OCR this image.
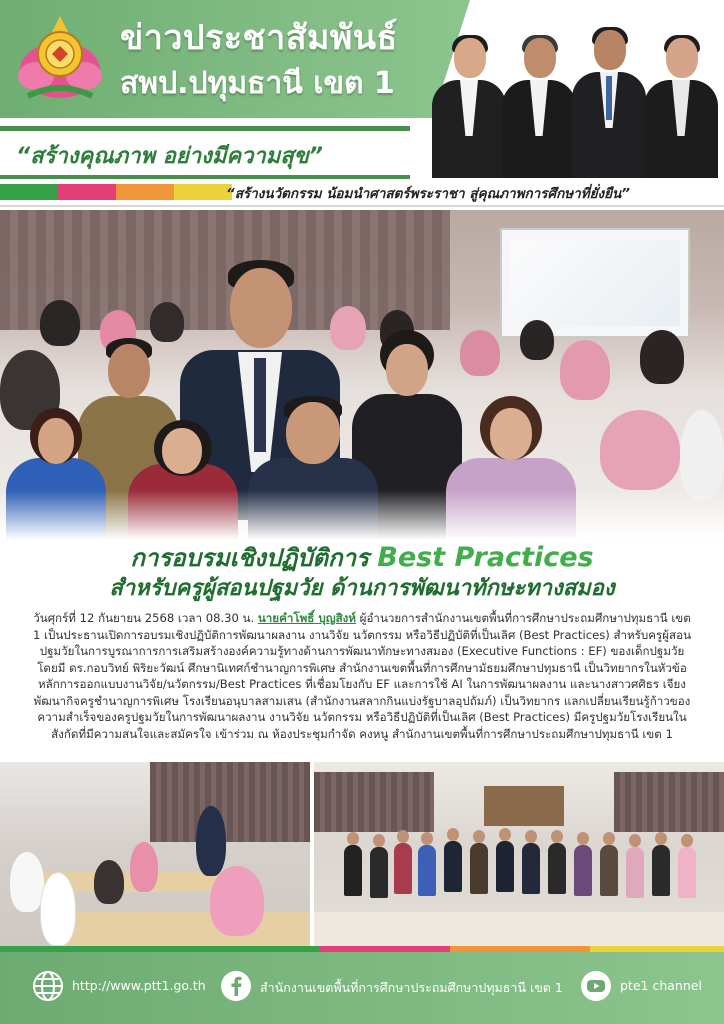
ข่าวประชาสัมพันธ์
สพป.ปทุมธานี เขต 1
“สร้างคุณภาพ อย่างมีความสุข”
“สร้างนวัตกรรม น้อมนำศาสตร์พระราชา สู่คุณภาพการศึกษาที่ยั่งยืน”
การอบรมเชิงปฏิบัติการ Best Practices
สำหรับครูผู้สอนปฐมวัย ด้านการพัฒนาทักษะทางสมอง
วันศุกร์ที่ 12 กันยายน 2568 เวลา 08.30 น. นายคำโพธิ์ บุญสิงห์ ผู้อำนวยการสำนักงานเขตพื้นที่การศึกษาประถมศึกษาปทุมธานี เขต 1 เป็นประธานเปิดการอบรมเชิงปฏิบัติการพัฒนาผลงาน งานวิจัย นวัตกรรม หรือวิธีปฏิบัติที่เป็นเลิศ (Best Practices) สำหรับครูผู้สอนปฐมวัยในการบูรณาการการเสริมสร้างองค์ความรู้ทางด้านการพัฒนาทักษะทางสมอง (Executive Functions : EF) ของเด็กปฐมวัย โดยมี ดร.กอบวิทย์ พิริยะวัฒน์ ศึกษานิเทศก์ชำนาญการพิเศษ สำนักงานเขตพื้นที่การศึกษามัธยมศึกษาปทุมธานี เป็นวิทยากรในหัวข้อ หลักการออกแบบงานวิจัย/นวัตกรรม/Best Practices ที่เชื่อมโยงกับ EF และการใช้ AI ในการพัฒนาผลงาน และนางสาวศศิธร เจียงพัฒนากิจครูชำนาญการพิเศษ โรงเรียนอนุบาลสามเสน (สำนักงานสลากกินแบ่งรัฐบาลอุปถัมภ์) เป็นวิทยากร แลกเปลี่ยนเรียนรู้ก้าวของความสำเร็จของครูปฐมวัยในการพัฒนาผลงาน งานวิจัย นวัตกรรม หรือวิธีปฏิบัติที่เป็นเลิศ (Best Practices) มีครูปฐมวัยโรงเรียนในสังกัดที่มีความสนใจและสมัครใจ เข้าร่วม ณ ห้องประชุมกำจัด คงหนู สำนักงานเขตพื้นที่การศึกษาประถมศึกษาปทุมธานี เขต 1
http://www.ptt1.go.th	สำนักงานเขตพื้นที่การศึกษาประถมศึกษาปทุมธานี เขต 1	pte1 channel
